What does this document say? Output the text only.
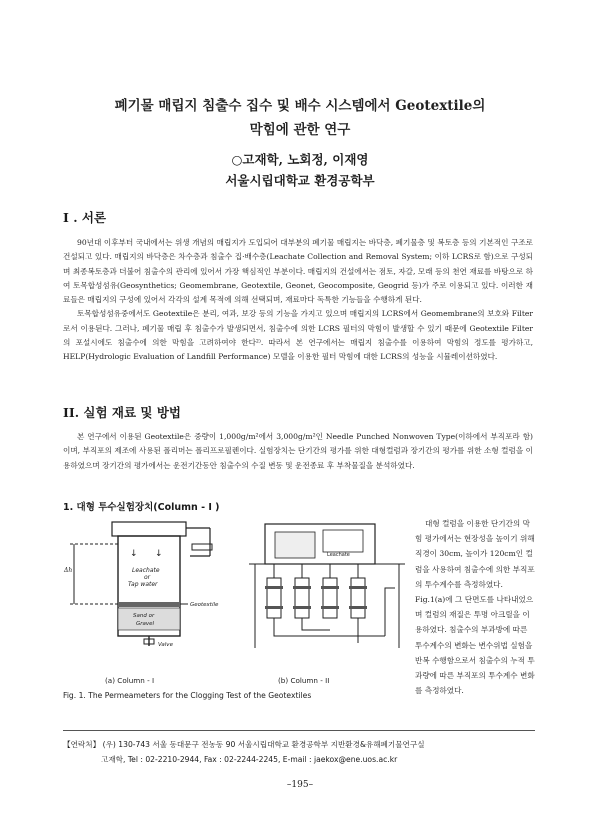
폐기물 매립지 침출수 집수 및 배수 시스템에서 Geotextile의
막힘에 관한 연구
○고재학, 노회정, 이재영
서울시립대학교 환경공학부
I . 서론

90년대 이후부터 국내에서는 위생 개념의 매립지가 도입되어 대부분의 폐기물 매립지는 바닥층, 폐기물층 및 복토층 등의 기본적인 구조로 건설되고 있다. 매립지의 바닥층은 차수층과 침출수 집·배수층(Leachate Collection and Removal System; 이하 LCRS로 함)으로 구성되며 최종복토층과 더불어 침출수의 관리에 있어서 가장 핵심적인 부분이다. 매립지의 건설에서는 점토, 자갈, 모래 등의 천연 재료를 바탕으로 하여 토목합성섬유(Geosynthetics; Geomembrane, Geotextile, Geonet, Geocomposite, Geogrid 등)가 주로 이용되고 있다. 이러한 재료들은 매립지의 구성에 있어서 각각의 설계 목적에 의해 선택되며, 재료마다 독특한 기능들을 수행하게 된다.

토목합성섬유중에서도 Geotextile은 분리, 여과, 보강 등의 기능을 가지고 있으며 매립지의 LCRS에서 Geomembrane의 보호와 Filter로서 이용된다. 그러나, 폐기물 매립 후 침출수가 발생되면서, 침출수에 의한 LCRS 필터의 막힘이 발생할 수 있기 때문에 Geotextile Filter의 포설시에도 침출수에 의한 막힘을 고려하여야 한다²⁾. 따라서 본 연구에서는 매립지 침출수를 이용하여 막힘의 정도를 평가하고, HELP(Hydrologic Evaluation of Landfill Performance) 모델을 이용한 필터 막힘에 대한 LCRS의 성능을 시뮬레이션하였다.

II. 실험 재료 및 방법

본 연구에서 이용된 Geotextile은 중량이 1,000g/m²에서 3,000g/m²인 Needle Punched Nonwoven Type(이하에서 부직포라 함)이며, 부직포의 제조에 사용된 폴리머는 폴리프로필렌이다. 실험장치는 단기간의 평가를 위한 대형컬럼과 장기간의 평가를 위한 소형 컬럼을 이용하였으며 장기간의 평가에서는 운전기간동안 침출수의 수질 변동 및 운전종료 후 부착물질을 분석하였다.

1. 대형 투수실험장치(Column - I )
↓ ↓
Δh	Leachate
or
Tap water
Geotextile
Sand or
Gravel
Valve
Leachate
(a) Column - I	(b) Column - II
Fig. 1. The Permeameters for the Clogging Test of the Geotextiles

대형 컬럼을 이용한 단기간의 막힘 평가에서는 현장성을 높이기 위해 직경이 30cm, 높이가 120cm인 컬럼을 사용하여 침출수에 의한 부직포의 투수계수를 측정하였다. Fig.1(a)에 그 단면도를 나타내었으며 컬럼의 재질은 투명 아크릴을 이용하였다. 침출수의 부과방에 따른 투수계수의 변화는 변수위법 실험을 반복 수행함으로서 침출수의 누적 투과량에 따른 부직포의 투수계수 변화를 측정하였다.

【연락처】 (우) 130-743 서울 동대문구 전농동 90 서울시립대학교 환경공학부 지반환경&유해폐기물연구실
고재학, Tel : 02-2210-2944, Fax : 02-2244-2245, E-mail : jaekox@ene.uos.ac.kr
–195–
